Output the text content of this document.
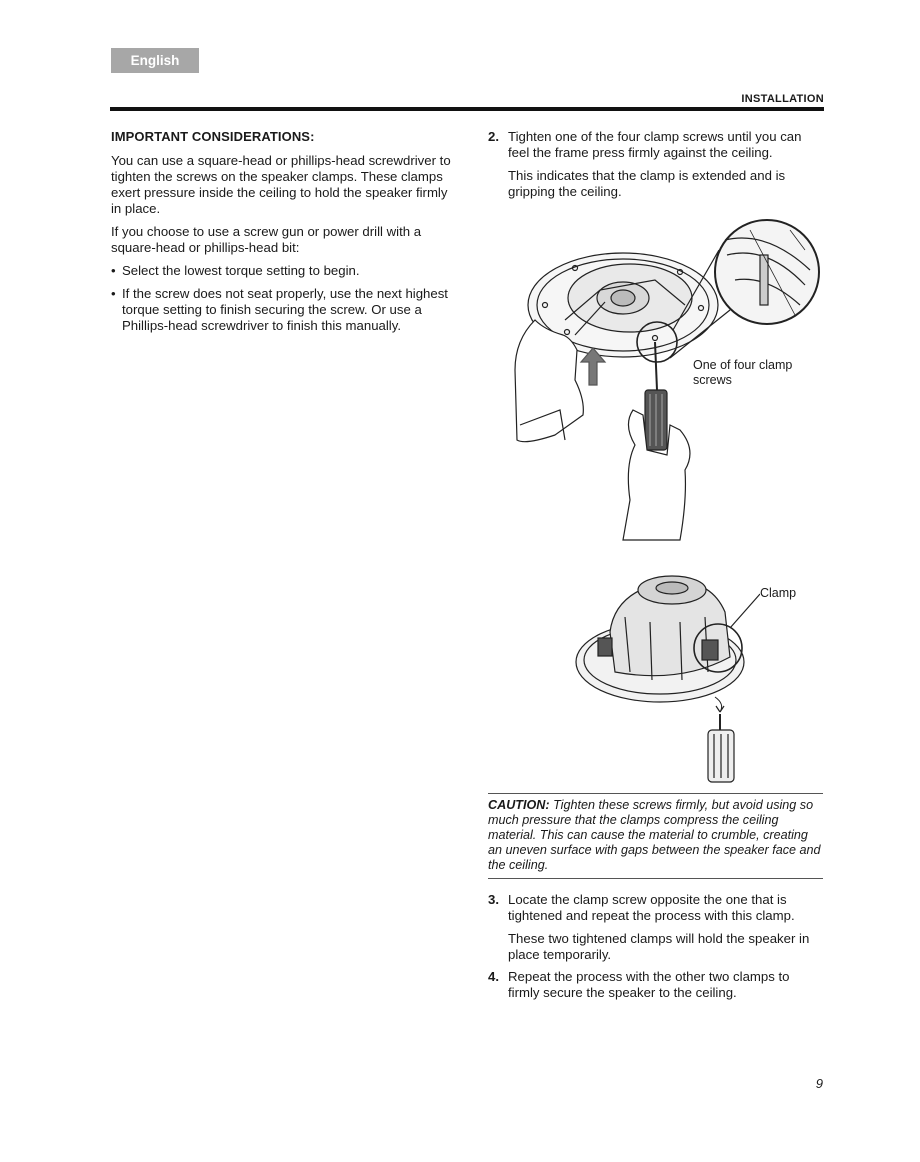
English
INSTALLATION
IMPORTANT CONSIDERATIONS:

You can use a square-head or phillips-head screwdriver to tighten the screws on the speaker clamps. These clamps exert pressure inside the ceiling to hold the speaker firmly in place.

If you choose to use a screw gun or power drill with a square-head or phillips-head bit:

• Select the lowest torque setting to begin.
• If the screw does not seat properly, use the next highest torque setting to finish securing the screw. Or use a Phillips-head screwdriver to finish this manually.
2. Tighten one of the four clamp screws until you can feel the frame press firmly against the ceiling.

This indicates that the clamp is extended and is gripping the ceiling.

One of four clamp screws
Clamp
CAUTION: Tighten these screws firmly, but avoid using so much pressure that the clamps compress the ceiling material. This can cause the material to crumble, creating an uneven surface with gaps between the speaker face and the ceiling.
3. Locate the clamp screw opposite the one that is tightened and repeat the process with this clamp.

These two tightened clamps will hold the speaker in place temporarily.

4. Repeat the process with the other two clamps to firmly secure the speaker to the ceiling.

9
